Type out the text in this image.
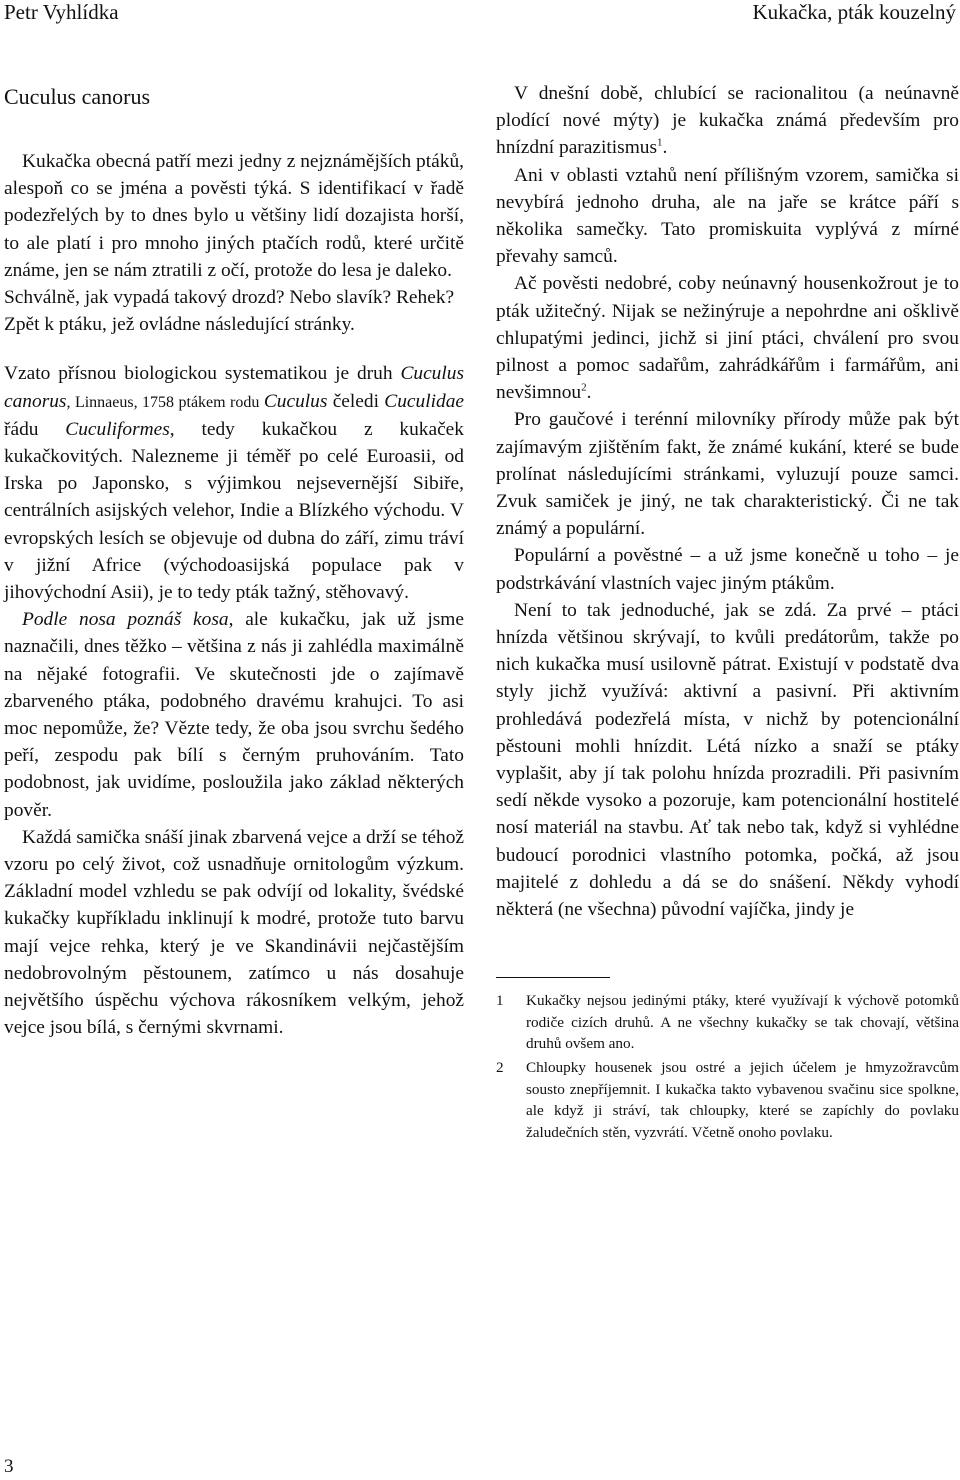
Petr Vyhlídka	Kukačka, pták kouzelný
Cuculus canorus

Kukačka obecná patří mezi jedny z nejznámějších ptáků, alespoň co se jména a pověsti týká. S identifikací v řadě podezřelých by to dnes bylo u většiny lidí dozajista horší, to ale platí i pro mnoho jiných ptačích rodů, které určitě známe, jen se nám ztratili z očí, protože do lesa je daleko.

Schválně, jak vypadá takový drozd? Nebo slavík? Rehek?

Zpět k ptáku, jež ovládne následující stránky.

Vzato přísnou biologickou systematikou je druh Cuculus canorus, Linnaeus, 1758 ptákem rodu Cuculus čeledi Cuculidae řádu Cuculiformes, tedy kukačkou z kukaček kukačkovitých. Nalezneme ji téměř po celé Euroasii, od Irska po Japonsko, s výjimkou nejsevernější Sibiře, centrálních asijských velehor, Indie a Blízkého východu. V evropských lesích se objevuje od dubna do září, zimu tráví v jižní Africe (východoasijská populace pak v jihovýchodní Asii), je to tedy pták tažný, stěhovavý.

Podle nosa poznáš kosa, ale kukačku, jak už jsme naznačili, dnes těžko – většina z nás ji zahlédla maximálně na nějaké fotografii. Ve skutečnosti jde o zajímavě zbarveného ptáka, podobného dravému krahujci. To asi moc nepomůže, že? Vězte tedy, že oba jsou svrchu šedého peří, zespodu pak bílí s černým pruhováním. Tato podobnost, jak uvidíme, posloužila jako základ některých pověr.

Každá samička snáší jinak zbarvená vejce a drží se téhož vzoru po celý život, což usnadňuje ornitologům výzkum. Základní model vzhledu se pak odvíjí od lokality, švédské kukačky kupříkladu inklinují k modré, protože tuto barvu mají vejce rehka, který je ve Skandinávii nejčastějším nedobrovolným pěstounem, zatímco u nás dosahuje největšího úspěchu výchova rákosníkem velkým, jehož vejce jsou bílá, s černými skvrnami.

V dnešní době, chlubící se racionalitou (a neúnavně plodící nové mýty) je kukačka známá především pro hnízdní parazitismus$^1$.

Ani v oblasti vztahů není přílišným vzorem, samička si nevybírá jednoho druha, ale na jaře se krátce páří s několika samečky. Tato promiskuita vyplývá z mírné převahy samců.

Ač pověsti nedobré, coby neúnavný housenkožrout je to pták užitečný. Nijak se nežinýruje a nepohrdne ani ošklivě chlupatými jedinci, jichž si jiní ptáci, chválení pro svou pilnost a pomoc sadařům, zahrádkářům i farmářům, ani nevšimnou$^2$.

Pro gaučové i terénní milovníky přírody může pak být zajímavým zjištěním fakt, že známé kukání, které se bude prolínat následujícími stránkami, vyluzují pouze samci. Zvuk samiček je jiný, ne tak charakteristický. Či ne tak známý a populární.

Populární a pověstné – a už jsme konečně u toho – je podstrkávání vlastních vajec jiným ptákům.

Není to tak jednoduché, jak se zdá. Za prvé – ptáci hnízda většinou skrývají, to kvůli predátorům, takže po nich kukačka musí usilovně pátrat. Existují v podstatě dva styly jichž využívá: aktivní a pasivní. Při aktivním prohledává podezřelá místa, v nichž by potencionální pěstouni mohli hnízdit. Létá nízko a snaží se ptáky vyplašit, aby jí tak polohu hnízda prozradili. Při pasivním sedí někde vysoko a pozoruje, kam potencionální hostitelé nosí materiál na stavbu. Ať tak nebo tak, když si vyhlédne budoucí porodnici vlastního potomka, počká, až jsou majitelé z dohledu a dá se do snášení. Někdy vyhodí některá (ne všechna) původní vajíčka, jindy je

1	Kukačky nejsou jedinými ptáky, které využívají k výchově potomků rodiče cizích druhů. A ne všechny kukačky se tak chovají, většina druhů ovšem ano.
2	Chloupky housenek jsou ostré a jejich účelem je hmyzožravcům sousto znepříjemnit. I kukačka takto vybavenou svačinu sice spolkne, ale když ji stráví, tak chloupky, které se zapíchly do povlaku žaludečních stěn, vyzvrátí. Včetně onoho povlaku.
3
